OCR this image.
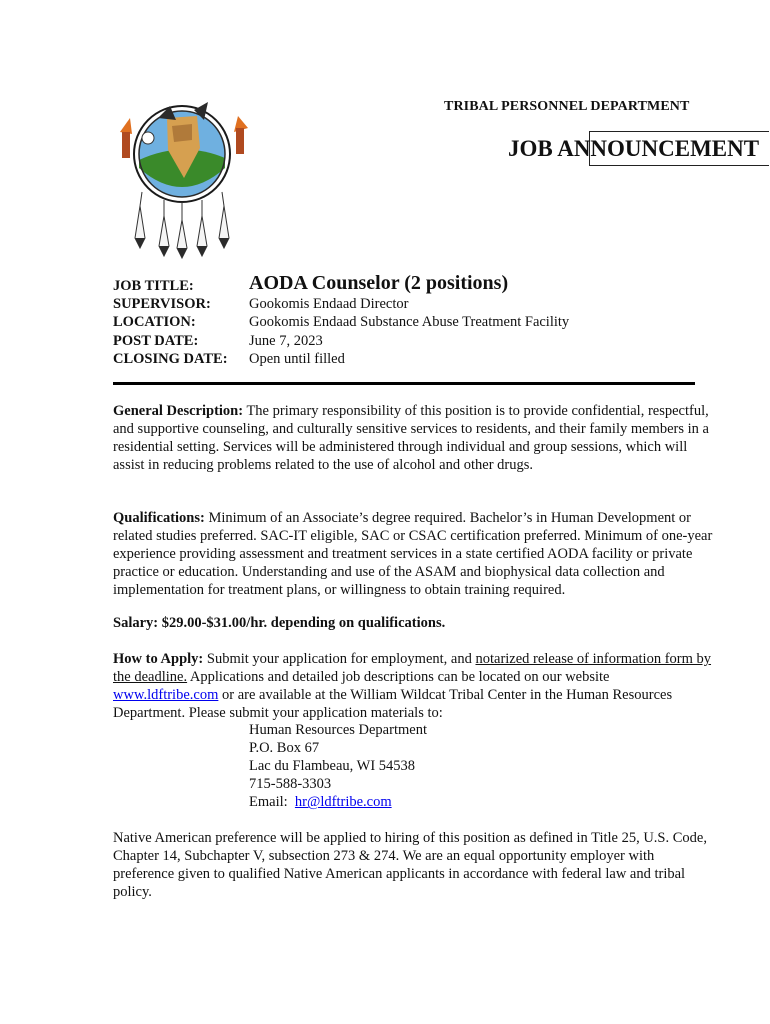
TRIBAL PERSONNEL DEPARTMENT
JOB ANNOUNCEMENT
JOB TITLE:
SUPERVISOR:
LOCATION:
POST DATE:
CLOSING DATE:
AODA Counselor (2 positions)
Gookomis Endaad Director
Gookomis Endaad Substance Abuse Treatment Facility
June 7, 2023
Open until filled
General Description: The primary responsibility of this position is to provide confidential, respectful, and supportive counseling, and culturally sensitive services to residents, and their family members in a residential setting. Services will be administered through individual and group sessions, which will assist in reducing problems related to the use of alcohol and other drugs.
Qualifications: Minimum of an Associate’s degree required. Bachelor’s in Human Development or related studies preferred. SAC-IT eligible, SAC or CSAC certification preferred. Minimum of one-year experience providing assessment and treatment services in a state certified AODA facility or private practice or education. Understanding and use of the ASAM and biophysical data collection and implementation for treatment plans, or willingness to obtain training required.
Salary: $29.00-$31.00/hr. depending on qualifications.
How to Apply: Submit your application for employment, and notarized release of information form by the deadline. Applications and detailed job descriptions can be located on our website www.ldftribe.com or are available at the William Wildcat Tribal Center in the Human Resources Department. Please submit your application materials to:
Human Resources Department
P.O. Box 67
Lac du Flambeau, WI 54538
715-588-3303
Email: hr@ldftribe.com
Native American preference will be applied to hiring of this position as defined in Title 25, U.S. Code, Chapter 14, Subchapter V, subsection 273 & 274. We are an equal opportunity employer with preference given to qualified Native American applicants in accordance with federal law and tribal policy.
